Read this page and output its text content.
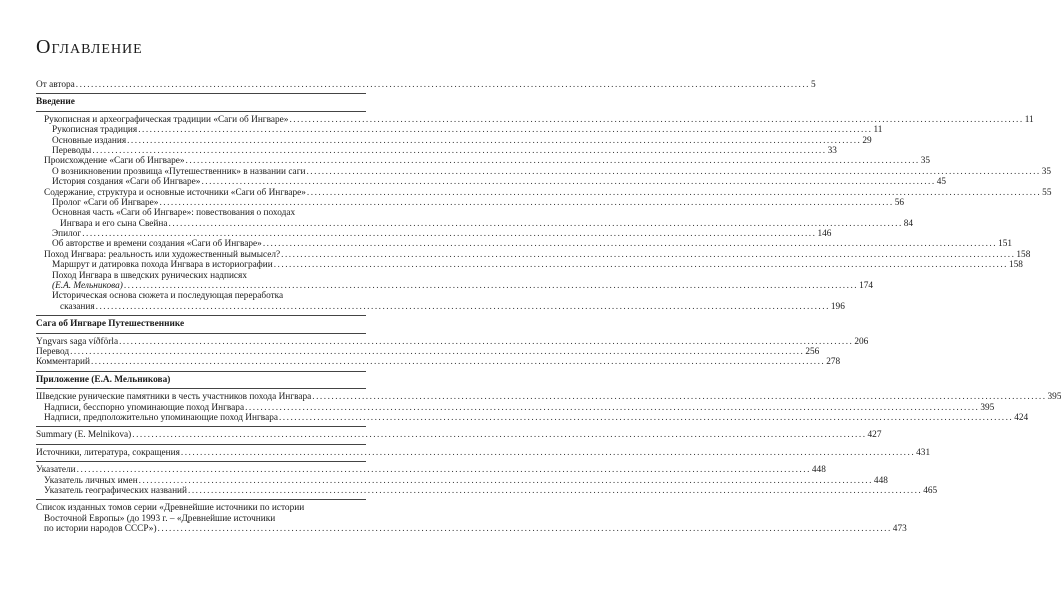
Оглавление
От автора .....	5
Введение
Рукописная и археографическая традиции «Саги об Ингваре» .....	11
Рукописная традиция .....	11
Основные издания .....	29
Переводы .....	33
Происхождение «Саги об Ингваре» .....	35
О возникновении прозвища «Путешественник» в названии саги .....	35
История создания «Саги об Ингваре» .....	45
Содержание, структура и основные источники «Саги об Ингваре» .....	55
Пролог «Саги об Ингваре» .....	56
Основная часть «Саги об Ингваре»: повествования о походах
Ингвара и его сына Свейна .....	84
Эпилог .....	146
Об авторстве и времени создания «Саги об Ингваре» .....	151
Поход Ингвара: реальность или художественный вымысел? .....	158
Маршрут и датировка похода Ингвара в историографии .....	158
Поход Ингвара в шведских рунических надписях
(Е.А. Мельникова) .....	174
Историческая основа сюжета и последующая переработка
сказания .....	196
Сага об Ингваре Путешественнике
Yngvars saga víðförla .....	206
Перевод .....	256
Комментарий .....	278
Приложение (Е.А. Мельникова)
Шведские рунические памятники в честь участников похода Ингвара .....	395
Надписи, бесспорно упоминающие поход Ингвара .....	395
Надписи, предположительно упоминающие поход Ингвара .....	424
Summary (E. Melnikova) .....	427
Источники, литература, сокращения .....	431
Указатели .....	448
Указатель личных имен .....	448
Указатель географических названий .....	465
Список изданных томов серии «Древнейшие источники по истории
Восточной Европы» (до 1993 г. – «Древнейшие источники
по истории народов СССР») .....	473
